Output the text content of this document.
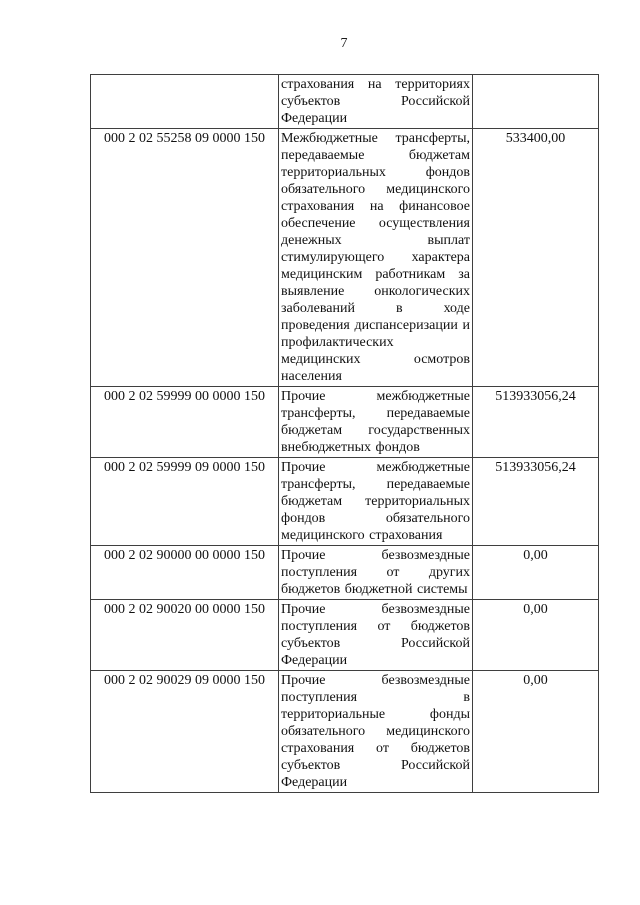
7
	страхования на территориях субъектов Российской Федерации	
000 2 02 55258 09 0000 150	Межбюджетные трансферты, передаваемые бюджетам территориальных фондов обязательного медицинского страхования на финансовое обеспечение осуществления денежных выплат стимулирующего характера медицинским работникам за выявление онкологических заболеваний в ходе проведения диспансеризации и профилактических медицинских осмотров населения	533400,00
000 2 02 59999 00 0000 150	Прочие межбюджетные трансферты, передаваемые бюджетам государственных внебюджетных фондов	513933056,24
000 2 02 59999 09 0000 150	Прочие межбюджетные трансферты, передаваемые бюджетам территориальных фондов обязательного медицинского страхования	513933056,24
000 2 02 90000 00 0000 150	Прочие безвозмездные поступления от других бюджетов бюджетной системы	0,00
000 2 02 90020 00 0000 150	Прочие безвозмездные поступления от бюджетов субъектов Российской Федерации	0,00
000 2 02 90029 09 0000 150	Прочие безвозмездные поступления в территориальные фонды обязательного медицинского страхования от бюджетов субъектов Российской Федерации	0,00
